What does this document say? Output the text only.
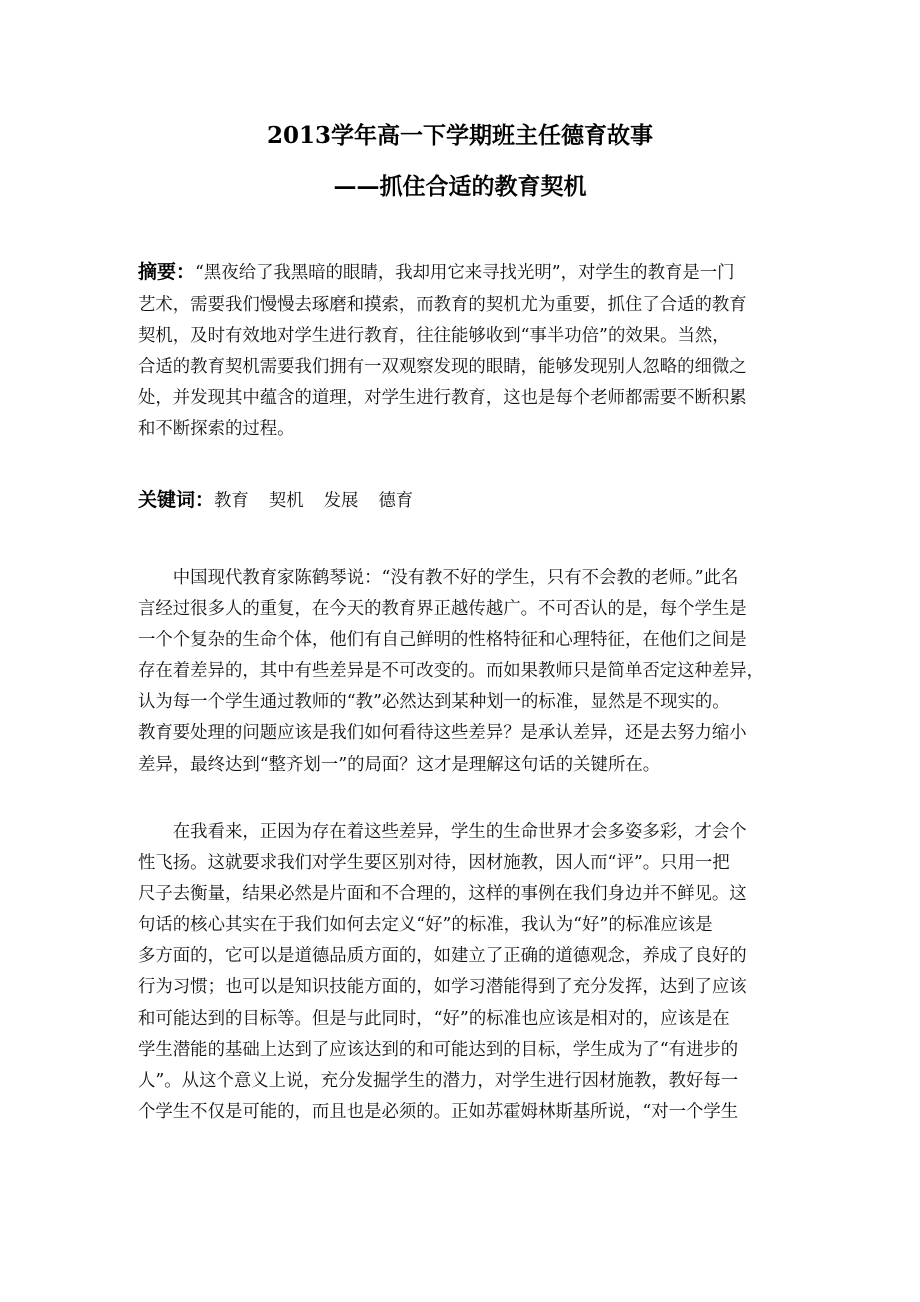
2013学年高一下学期班主任德育故事
——抓住合适的教育契机
摘要：“黑夜给了我黑暗的眼睛，我却用它来寻找光明”，对学生的教育是一门
艺术，需要我们慢慢去琢磨和摸索，而教育的契机尤为重要，抓住了合适的教育
契机，及时有效地对学生进行教育，往往能够收到“事半功倍”的效果。当然，
合适的教育契机需要我们拥有一双观察发现的眼睛，能够发现别人忽略的细微之
处，并发现其中蕴含的道理，对学生进行教育，这也是每个老师都需要不断积累
和不断探索的过程。
关键词：教育 契机 发展 德育
　　中国现代教育家陈鹤琴说：“没有教不好的学生，只有不会教的老师。”此名
言经过很多人的重复，在今天的教育界正越传越广。不可否认的是，每个学生是
一个个复杂的生命个体，他们有自己鲜明的性格特征和心理特征，在他们之间是
存在着差异的，其中有些差异是不可改变的。而如果教师只是简单否定这种差异，
认为每一个学生通过教师的“教”必然达到某种划一的标准，显然是不现实的。
教育要处理的问题应该是我们如何看待这些差异？是承认差异，还是去努力缩小
差异，最终达到“整齐划一”的局面？这才是理解这句话的关键所在。
　　在我看来，正因为存在着这些差异，学生的生命世界才会多姿多彩，才会个
性飞扬。这就要求我们对学生要区别对待，因材施教，因人而“评”。只用一把
尺子去衡量，结果必然是片面和不合理的，这样的事例在我们身边并不鲜见。这
句话的核心其实在于我们如何去定义“好”的标准，我认为“好”的标准应该是
多方面的，它可以是道德品质方面的，如建立了正确的道德观念，养成了良好的
行为习惯；也可以是知识技能方面的，如学习潜能得到了充分发挥，达到了应该
和可能达到的目标等。但是与此同时，“好”的标准也应该是相对的，应该是在
学生潜能的基础上达到了应该达到的和可能达到的目标，学生成为了“有进步的
人”。从这个意义上说，充分发掘学生的潜力，对学生进行因材施教，教好每一
个学生不仅是可能的，而且也是必须的。正如苏霍姆林斯基所说，“对一个学生
